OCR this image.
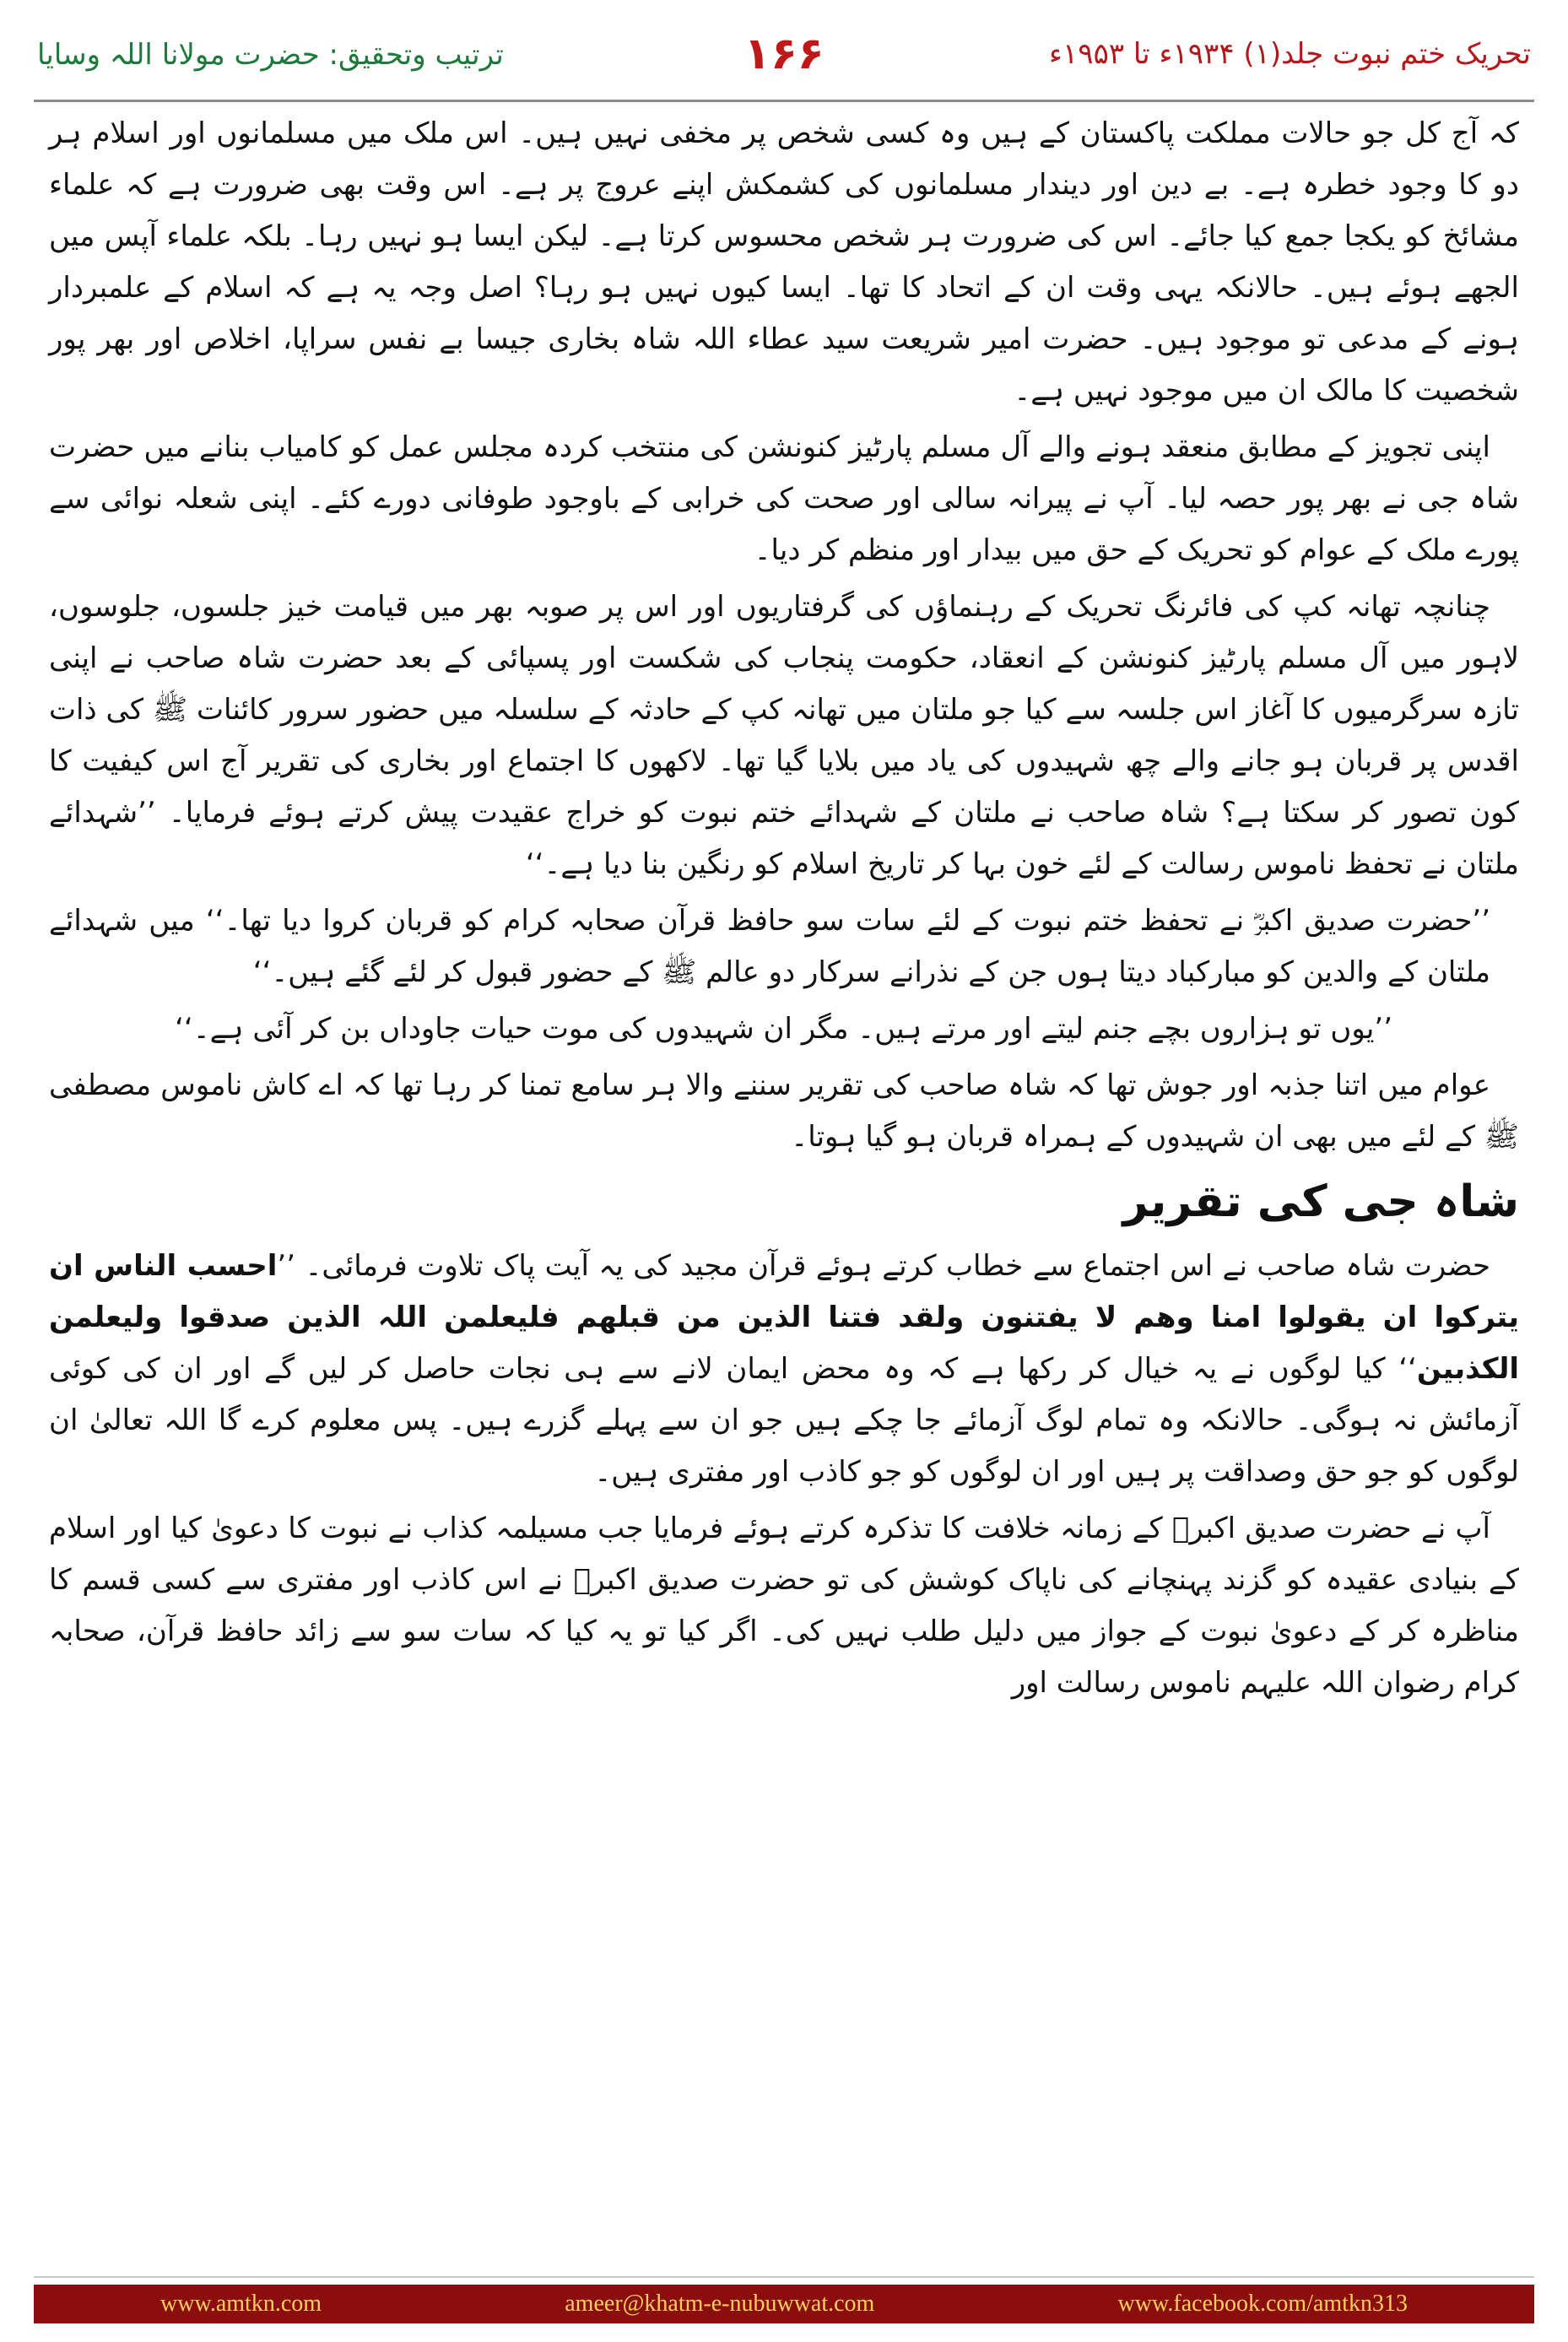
تحریک ختم نبوت جلد(۱) ۱۹۳۴ء تا ۱۹۵۳ء
۱۶۶
ترتیب وتحقیق: حضرت مولانا اللہ وسایا

کہ آج کل جو حالات مملکت پاکستان کے ہیں وہ کسی شخص پر مخفی نہیں ہیں۔ اس ملک میں مسلمانوں اور اسلام ہر دو کا وجود خطرہ ہے۔ بے دین اور دیندار مسلمانوں کی کشمکش اپنے عروج پر ہے۔ اس وقت بھی ضرورت ہے کہ علماء مشائخ کو یکجا جمع کیا جائے۔ اس کی ضرورت ہر شخص محسوس کرتا ہے۔ لیکن ایسا ہو نہیں رہا۔ بلکہ علماء آپس میں الجھے ہوئے ہیں۔ حالانکہ یہی وقت ان کے اتحاد کا تھا۔ ایسا کیوں نہیں ہو رہا؟ اصل وجہ یہ ہے کہ اسلام کے علمبردار ہونے کے مدعی تو موجود ہیں۔ حضرت امیر شریعت سید عطاء اللہ شاہ بخاری جیسا بے نفس سراپا، اخلاص اور بھر پور شخصیت کا مالک ان میں موجود نہیں ہے۔

اپنی تجویز کے مطابق منعقد ہونے والے آل مسلم پارٹیز کنونشن کی منتخب کردہ مجلس عمل کو کامیاب بنانے میں حضرت شاہ جی نے بھر پور حصہ لیا۔ آپ نے پیرانہ سالی اور صحت کی خرابی کے باوجود طوفانی دورے کئے۔ اپنی شعلہ نوائی سے پورے ملک کے عوام کو تحریک کے حق میں بیدار اور منظم کر دیا۔

چنانچہ تھانہ کپ کی فائرنگ تحریک کے رہنماؤں کی گرفتاریوں اور اس پر صوبہ بھر میں قیامت خیز جلسوں، جلوسوں، لاہور میں آل مسلم پارٹیز کنونشن کے انعقاد، حکومت پنجاب کی شکست اور پسپائی کے بعد حضرت شاہ صاحب نے اپنی تازہ سرگرمیوں کا آغاز اس جلسہ سے کیا جو ملتان میں تھانہ کپ کے حادثہ کے سلسلہ میں حضور سرور کائنات ﷺ کی ذات اقدس پر قربان ہو جانے والے چھ شہیدوں کی یاد میں بلایا گیا تھا۔ لاکھوں کا اجتماع اور بخاری کی تقریر آج اس کیفیت کا کون تصور کر سکتا ہے؟ شاہ صاحب نے ملتان کے شہدائے ختم نبوت کو خراج عقیدت پیش کرتے ہوئے فرمایا۔ ’’شہدائے ملتان نے تحفظ ناموس رسالت کے لئے خون بہا کر تاریخ اسلام کو رنگین بنا دیا ہے۔‘‘

’’حضرت صدیق اکبرؓ نے تحفظ ختم نبوت کے لئے سات سو حافظ قرآن صحابہ کرام کو قربان کروا دیا تھا۔‘‘ میں شہدائے ملتان کے والدین کو مبارکباد دیتا ہوں جن کے نذرانے سرکار دو عالم ﷺ کے حضور قبول کر لئے گئے ہیں۔‘‘

’’یوں تو ہزاروں بچے جنم لیتے اور مرتے ہیں۔ مگر ان شہیدوں کی موت حیات جاوداں بن کر آئی ہے۔‘‘

عوام میں اتنا جذبہ اور جوش تھا کہ شاہ صاحب کی تقریر سننے والا ہر سامع تمنا کر رہا تھا کہ اے کاش ناموس مصطفی ﷺ کے لئے میں بھی ان شہیدوں کے ہمراہ قربان ہو گیا ہوتا۔

شاہ جی کی تقریر

حضرت شاہ صاحب نے اس اجتماع سے خطاب کرتے ہوئے قرآن مجید کی یہ آیت پاک تلاوت فرمائی۔ ’’احسب الناس ان یترکوا ان یقولوا امنا وھم لا یفتنون ولقد فتنا الذین من قبلھم فلیعلمن اللہ الذین صدقوا ولیعلمن الکذبین‘‘ کیا لوگوں نے یہ خیال کر رکھا ہے کہ وہ محض ایمان لانے سے ہی نجات حاصل کر لیں گے اور ان کی کوئی آزمائش نہ ہوگی۔ حالانکہ وہ تمام لوگ آزمائے جا چکے ہیں جو ان سے پہلے گزرے ہیں۔ پس معلوم کرے گا اللہ تعالیٰ ان لوگوں کو جو حق وصداقت پر ہیں اور ان لوگوں کو جو کاذب اور مفتری ہیں۔

آپ نے حضرت صدیق اکبرؓ کے زمانہ خلافت کا تذکرہ کرتے ہوئے فرمایا جب مسیلمہ کذاب نے نبوت کا دعویٰ کیا اور اسلام کے بنیادی عقیدہ کو گزند پہنچانے کی ناپاک کوشش کی تو حضرت صدیق اکبرؓ نے اس کاذب اور مفتری سے کسی قسم کا مناظرہ کر کے دعویٰ نبوت کے جواز میں دلیل طلب نہیں کی۔ اگر کیا تو یہ کیا کہ سات سو سے زائد حافظ قرآن، صحابہ کرام رضوان اللہ علیہم ناموس رسالت اور

www.amtkn.com	ameer@khatm-e-nubuwwat.com	www.facebook.com/amtkn313
